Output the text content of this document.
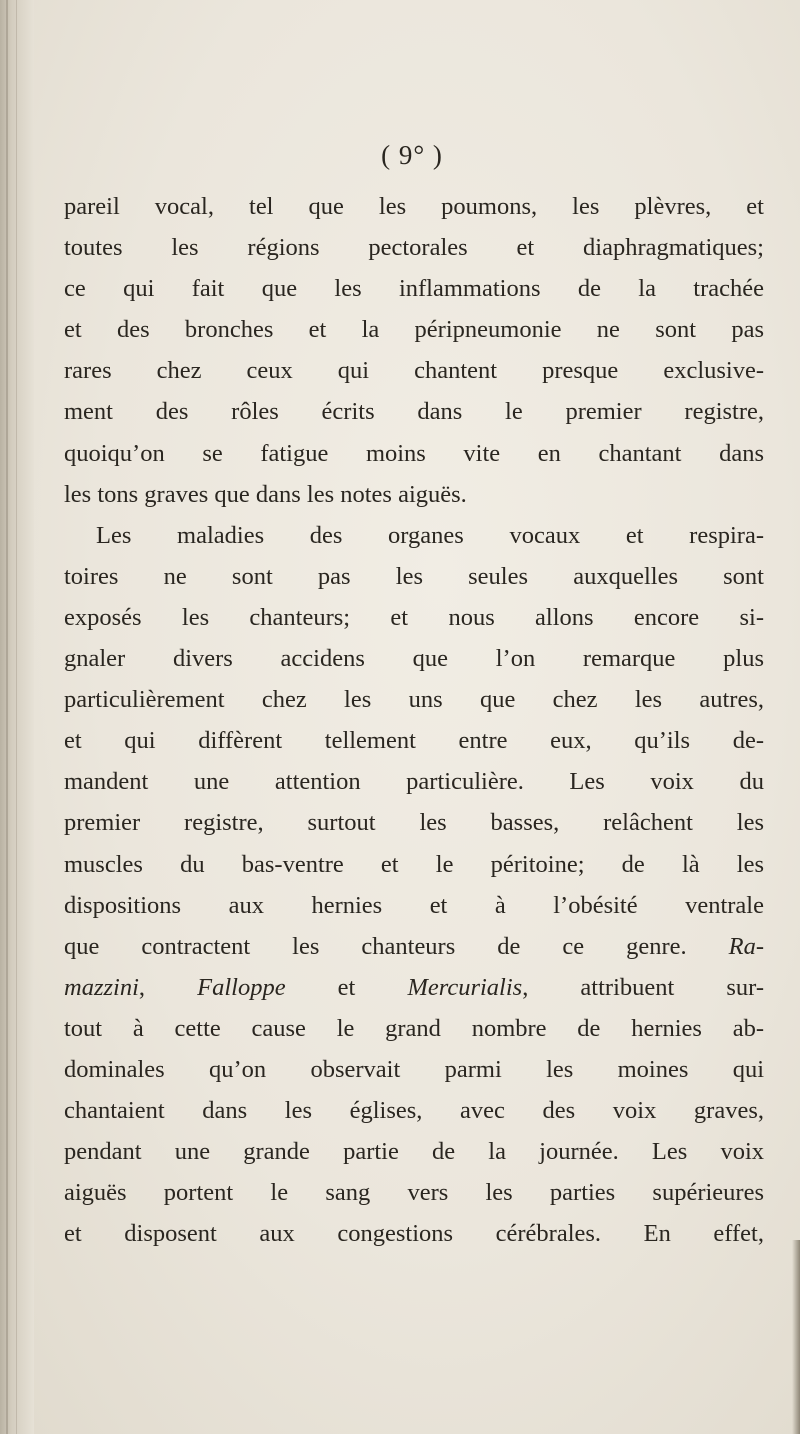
( 9° )
pareil vocal, tel que les poumons, les plèvres, et
toutes les régions pectorales et diaphragmatiques;
ce qui fait que les inflammations de la trachée
et des bronches et la péripneumonie ne sont pas
rares chez ceux qui chantent presque exclusive-
ment des rôles écrits dans le premier registre,
quoiqu’on se fatigue moins vite en chantant dans
les tons graves que dans les notes aiguës.
Les maladies des organes vocaux et respira-
toires ne sont pas les seules auxquelles sont
exposés les chanteurs; et nous allons encore si-
gnaler divers accidens que l’on remarque plus
particulièrement chez les uns que chez les autres,
et qui diffèrent tellement entre eux, qu’ils de-
mandent une attention particulière. Les voix du
premier registre, surtout les basses, relâchent les
muscles du bas-ventre et le péritoine; de là les
dispositions aux hernies et à l’obésité ventrale
que contractent les chanteurs de ce genre. Ra-
mazzini, Falloppe et Mercurialis, attribuent sur-
tout à cette cause le grand nombre de hernies ab-
dominales qu’on observait parmi les moines qui
chantaient dans les églises, avec des voix graves,
pendant une grande partie de la journée. Les voix
aiguës portent le sang vers les parties supérieures
et disposent aux congestions cérébrales. En effet,
